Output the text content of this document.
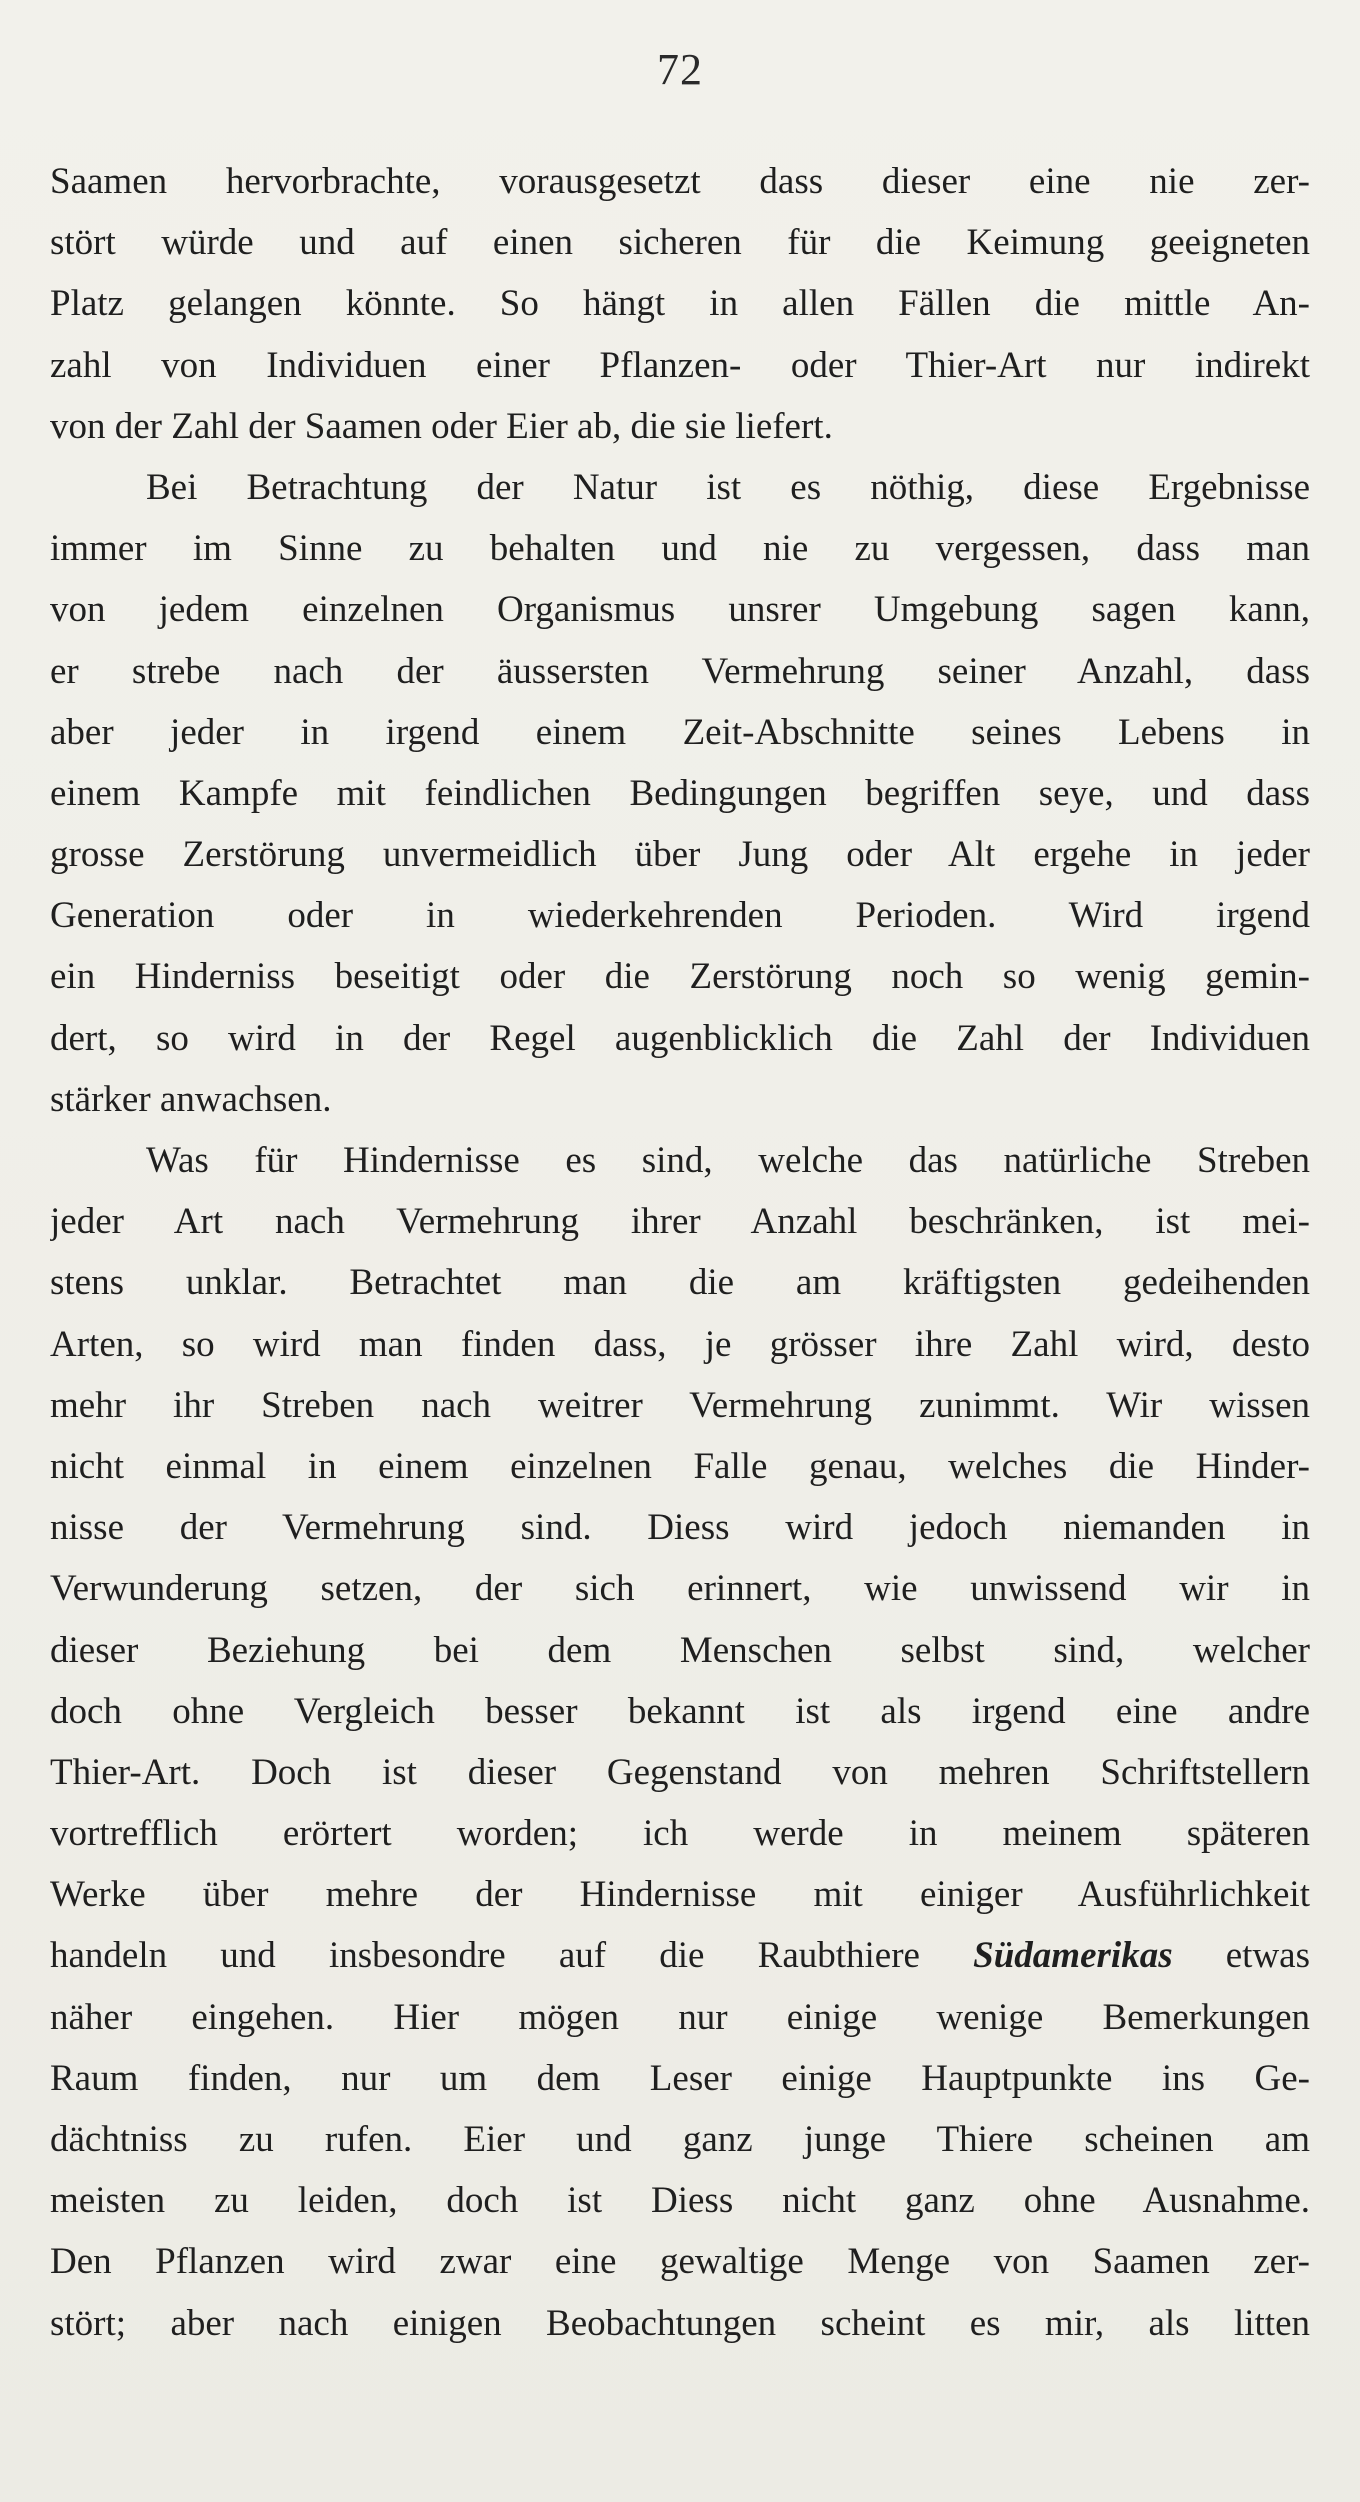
72
Saamen hervorbrachte, vorausgesetzt dass dieser eine nie zer-
stört würde und auf einen sicheren für die Keimung geeigneten
Platz gelangen könnte. So hängt in allen Fällen die mittle An-
zahl von Individuen einer Pflanzen- oder Thier-Art nur indirekt
von der Zahl der Saamen oder Eier ab, die sie liefert.
Bei Betrachtung der Natur ist es nöthig, diese Ergebnisse
immer im Sinne zu behalten und nie zu vergessen, dass man
von jedem einzelnen Organismus unsrer Umgebung sagen kann,
er strebe nach der äussersten Vermehrung seiner Anzahl, dass
aber jeder in irgend einem Zeit-Abschnitte seines Lebens in
einem Kampfe mit feindlichen Bedingungen begriffen seye, und dass
grosse Zerstörung unvermeidlich über Jung oder Alt ergehe in jeder
Generation oder in wiederkehrenden Perioden. Wird irgend
ein Hinderniss beseitigt oder die Zerstörung noch so wenig gemin-
dert, so wird in der Regel augenblicklich die Zahl der Individuen
stärker anwachsen.
Was für Hindernisse es sind, welche das natürliche Streben
jeder Art nach Vermehrung ihrer Anzahl beschränken, ist mei-
stens unklar. Betrachtet man die am kräftigsten gedeihenden
Arten, so wird man finden dass, je grösser ihre Zahl wird, desto
mehr ihr Streben nach weitrer Vermehrung zunimmt. Wir wissen
nicht einmal in einem einzelnen Falle genau, welches die Hinder-
nisse der Vermehrung sind. Diess wird jedoch niemanden in
Verwunderung setzen, der sich erinnert, wie unwissend wir in
dieser Beziehung bei dem Menschen selbst sind, welcher
doch ohne Vergleich besser bekannt ist als irgend eine andre
Thier-Art. Doch ist dieser Gegenstand von mehren Schriftstellern
vortrefflich erörtert worden; ich werde in meinem späteren
Werke über mehre der Hindernisse mit einiger Ausführlichkeit
handeln und insbesondre auf die Raubthiere Südamerikas etwas
näher eingehen. Hier mögen nur einige wenige Bemerkungen
Raum finden, nur um dem Leser einige Hauptpunkte ins Ge-
dächtniss zu rufen. Eier und ganz junge Thiere scheinen am
meisten zu leiden, doch ist Diess nicht ganz ohne Ausnahme.
Den Pflanzen wird zwar eine gewaltige Menge von Saamen zer-
stört; aber nach einigen Beobachtungen scheint es mir, als litten
